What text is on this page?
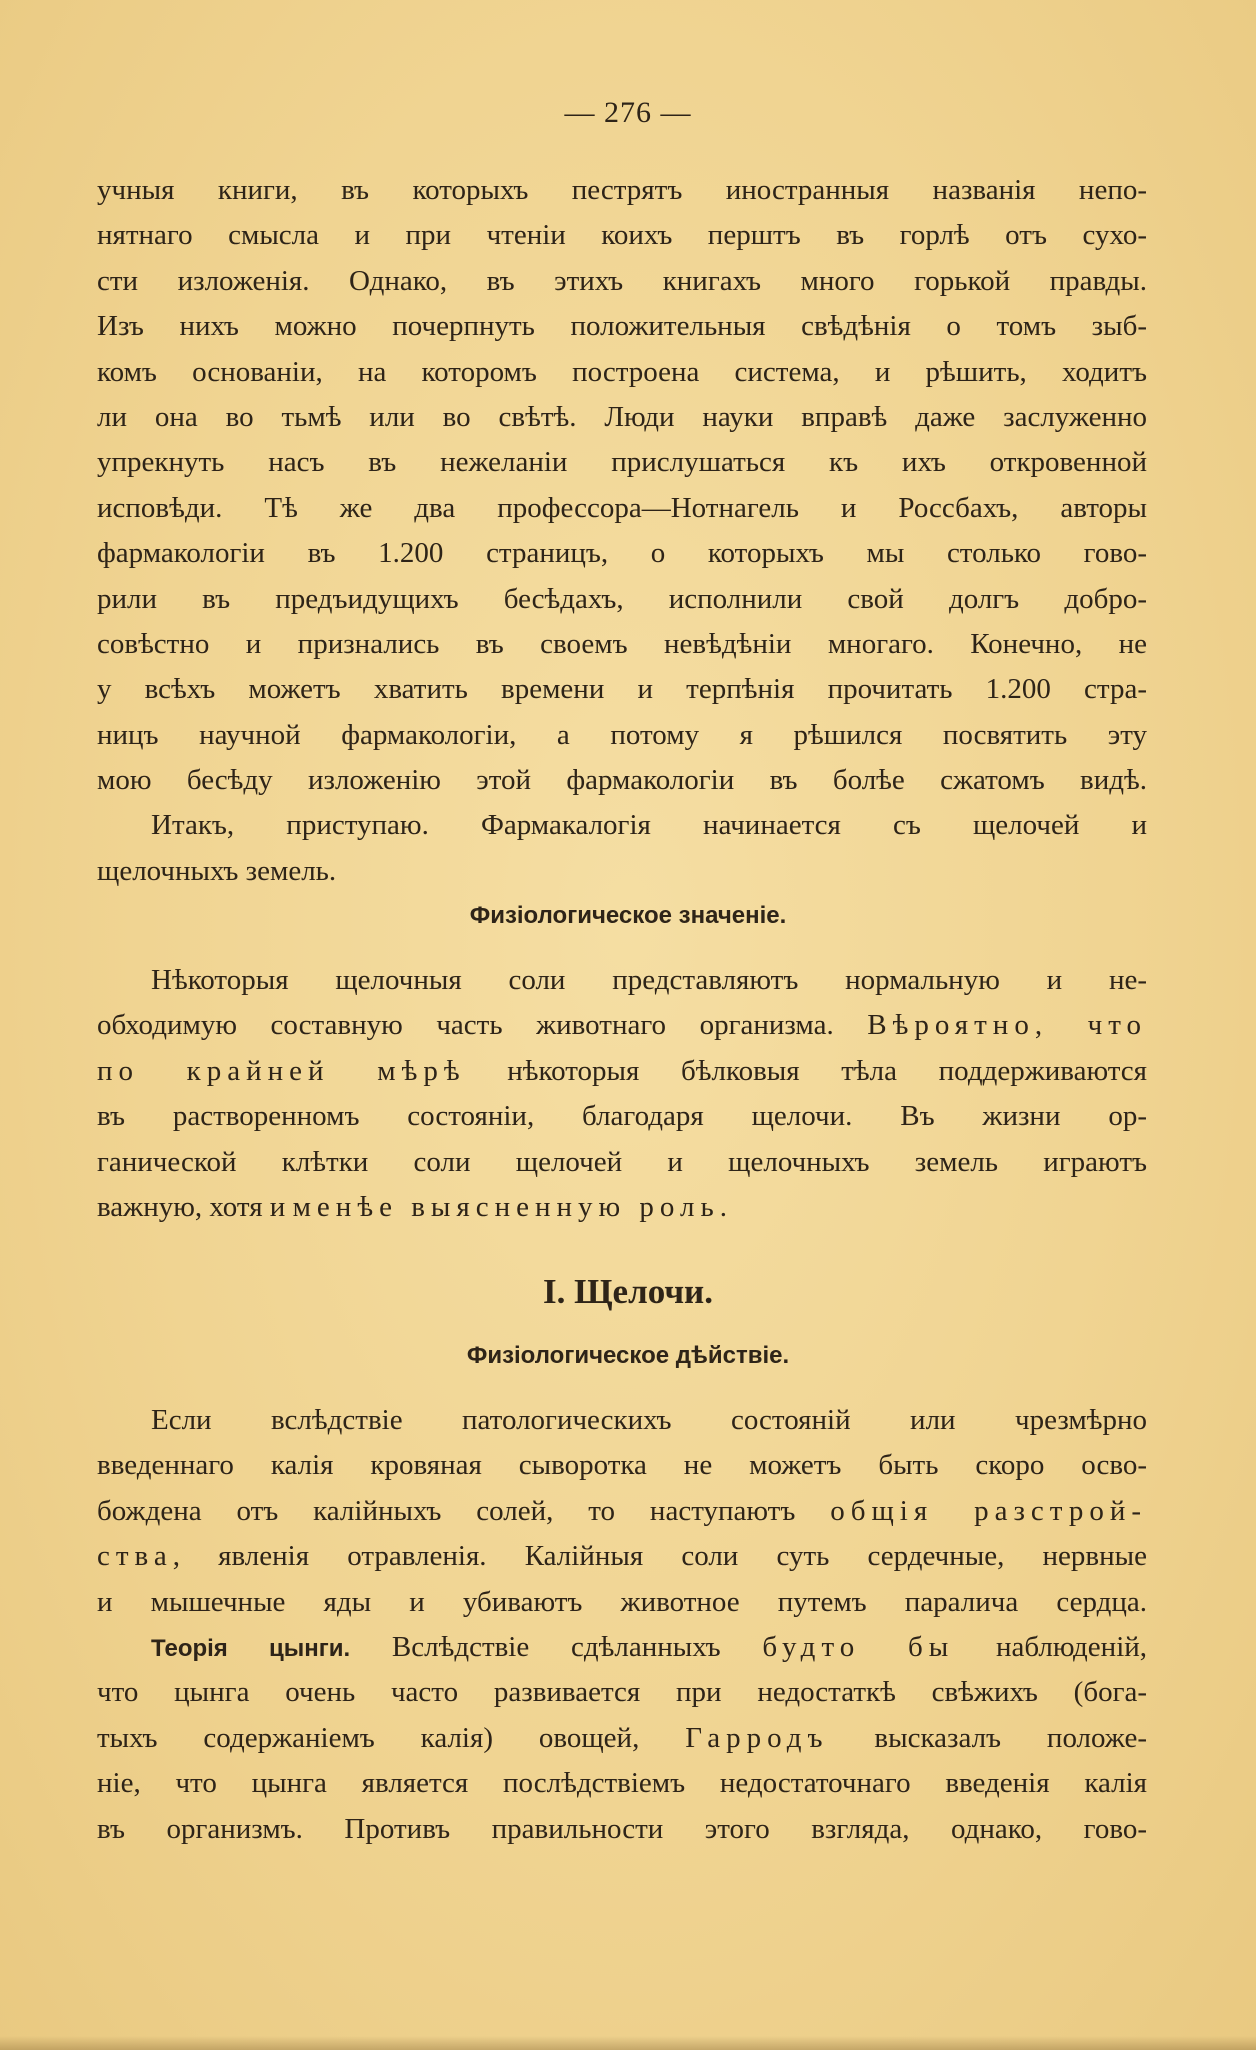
— 276 —
учныя книги, въ которыхъ пестрятъ иностранныя названія непо-
нятнаго смысла и при чтеніи коихъ перштъ въ горлѣ отъ сухо-
сти изложенія. Однако, въ этихъ книгахъ много горькой правды.
Изъ нихъ можно почерпнуть положительныя свѣдѣнія о томъ зыб-
комъ основаніи, на которомъ построена система, и рѣшить, ходитъ
ли она во тьмѣ или во свѣтѣ. Люди науки вправѣ даже заслуженно
упрекнуть насъ въ нежеланіи прислушаться къ ихъ откровенной
исповѣди. Тѣ же два профессора—Нотнагель и Россбахъ, авторы
фармакологіи въ 1.200 страницъ, о которыхъ мы столько гово-
рили въ предъидущихъ бесѣдахъ, исполнили свой долгъ добро-
совѣстно и признались въ своемъ невѣдѣніи многаго. Конечно, не
у всѣхъ можетъ хватить времени и терпѣнія прочитать 1.200 стра-
ницъ научной фармакологіи, а потому я рѣшился посвятить эту
мою бесѣду изложенію этой фармакологіи въ болѣе сжатомъ видѣ.
Итакъ, приступаю. Фармакалогія начинается съ щелочей и
щелочныхъ земель.
Физіологическое значеніе.
Нѣкоторыя щелочныя соли представляютъ нормальную и не-
обходимую составную часть животнаго организма. Вѣроятно, что
по крайней мѣрѣ нѣкоторыя бѣлковыя тѣла поддерживаются
въ растворенномъ состояніи, благодаря щелочи. Въ жизни ор-
ганической клѣтки соли щелочей и щелочныхъ земель играютъ
важную, хотя и менѣе выясненную роль.
I. Щелочи.
Физіологическое дѣйствіе.
Если вслѣдствіе патологическихъ состояній или чрезмѣрно
введеннаго калія кровяная сыворотка не можетъ быть скоро осво-
бождена отъ калійныхъ солей, то наступаютъ общія разстрой-
ства, явленія отравленія. Калійныя соли суть сердечные, нервные
и мышечные яды и убиваютъ животное путемъ паралича сердца.
Теорія цынги. Вслѣдствіе сдѣланныхъ будто бы наблюденій,
что цынга очень часто развивается при недостаткѣ свѣжихъ (бога-
тыхъ содержаніемъ калія) овощей, Гарродъ высказалъ положе-
ніе, что цынга является послѣдствіемъ недостаточнаго введенія калія
въ организмъ. Противъ правильности этого взгляда, однако, гово-
